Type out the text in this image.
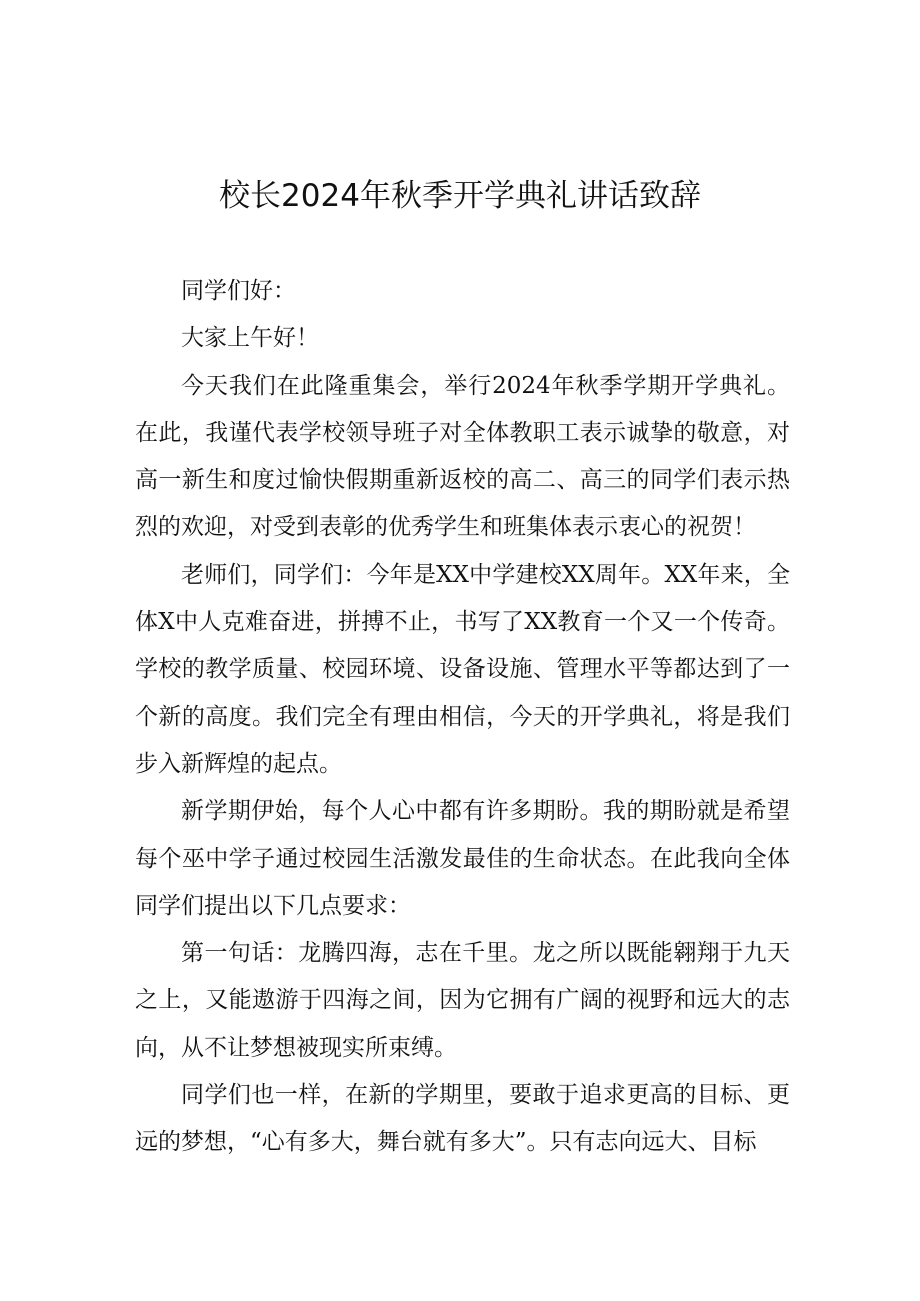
校长2024年秋季开学典礼讲话致辞

同学们好：

大家上午好！

今天我们在此隆重集会，举行2024年秋季学期开学典礼。在此，我谨代表学校领导班子对全体教职工表示诚挚的敬意，对高一新生和度过愉快假期重新返校的高二、高三的同学们表示热烈的欢迎，对受到表彰的优秀学生和班集体表示衷心的祝贺！

老师们，同学们：今年是XX中学建校XX周年。XX年来，全体X中人克难奋进，拼搏不止，书写了XX教育一个又一个传奇。学校的教学质量、校园环境、设备设施、管理水平等都达到了一个新的高度。我们完全有理由相信，今天的开学典礼，将是我们步入新辉煌的起点。

新学期伊始，每个人心中都有许多期盼。我的期盼就是希望每个巫中学子通过校园生活激发最佳的生命状态。在此我向全体同学们提出以下几点要求：

第一句话：龙腾四海，志在千里。龙之所以既能翱翔于九天之上，又能遨游于四海之间，因为它拥有广阔的视野和远大的志向，从不让梦想被现实所束缚。

同学们也一样，在新的学期里，要敢于追求更高的目标、更远的梦想，“心有多大，舞台就有多大”。只有志向远大、目标
